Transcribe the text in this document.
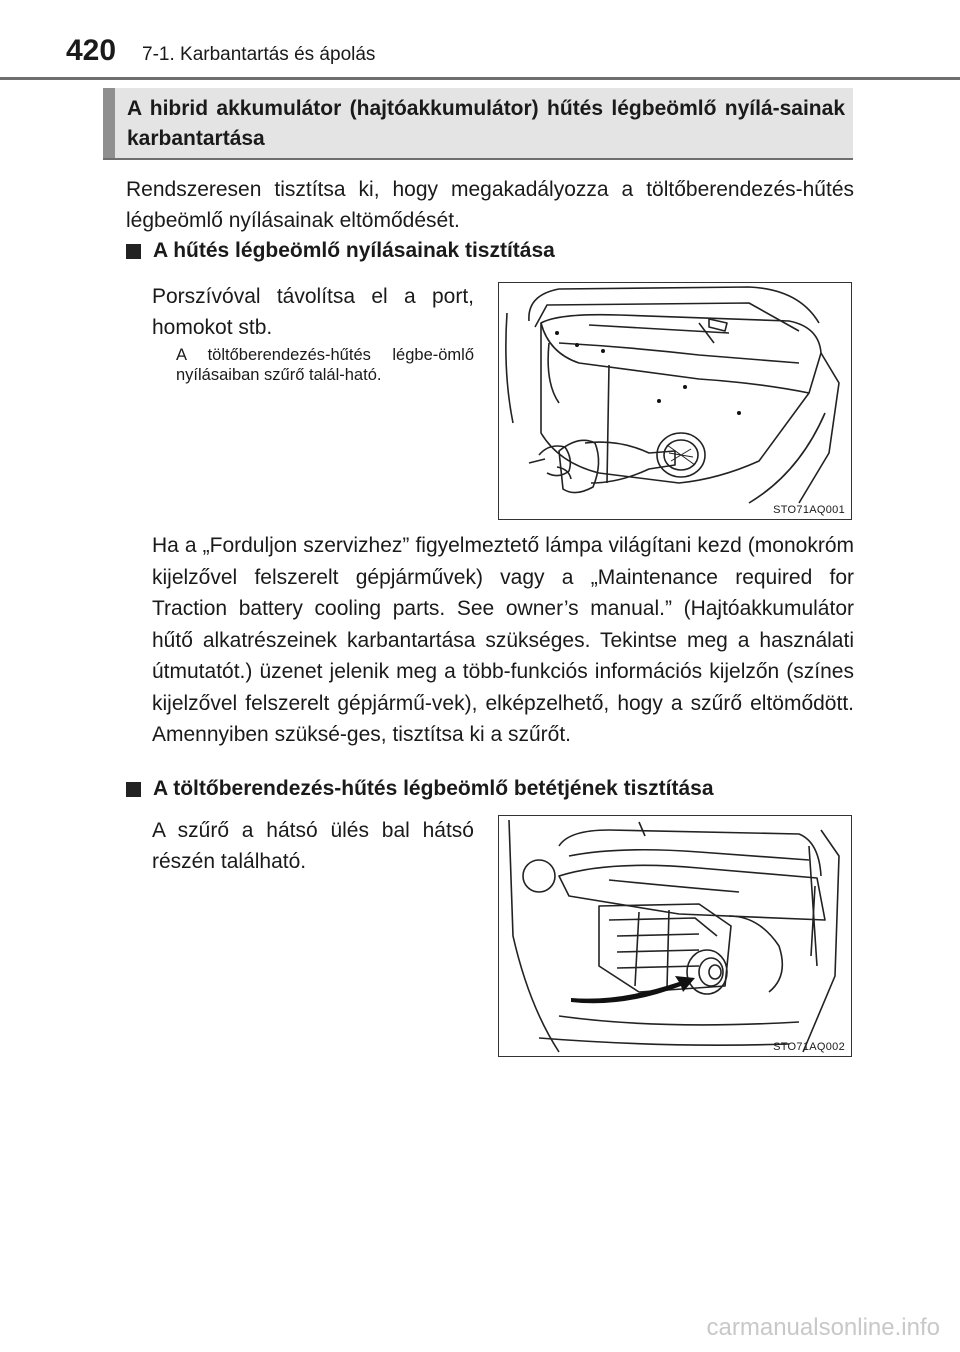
420 7-1. Karbantartás és ápolás

A hibrid akkumulátor (hajtóakkumulátor) hűtés légbeömlő nyílá-sainak karbantartása

Rendszeresen tisztítsa ki, hogy megakadályozza a töltőberendezés-hűtés légbeömlő nyílásainak eltömődését.

A hűtés légbeömlő nyílásainak tisztítása

Porszívóval távolítsa el a port, homokot stb.

A töltőberendezés-hűtés légbe-ömlő nyílásaiban szűrő talál-ható.

STO71AQ001

Ha a „Forduljon szervizhez” figyelmeztető lámpa világítani kezd (monokróm kijelzővel felszerelt gépjárművek) vagy a „Maintenance required for Traction battery cooling parts. See owner’s manual.” (Hajtóakkumulátor hűtő alkatrészeinek karbantartása szükséges. Tekintse meg a használati útmutatót.) üzenet jelenik meg a több-funkciós információs kijelzőn (színes kijelzővel felszerelt gépjármű-vek), elképzelhető, hogy a szűrő eltömődött. Amennyiben szüksé-ges, tisztítsa ki a szűrőt.

A töltőberendezés-hűtés légbeömlő betétjének tisztítása

A szűrő a hátsó ülés bal hátsó részén található.

STO71AQ002
carmanualsonline.info
